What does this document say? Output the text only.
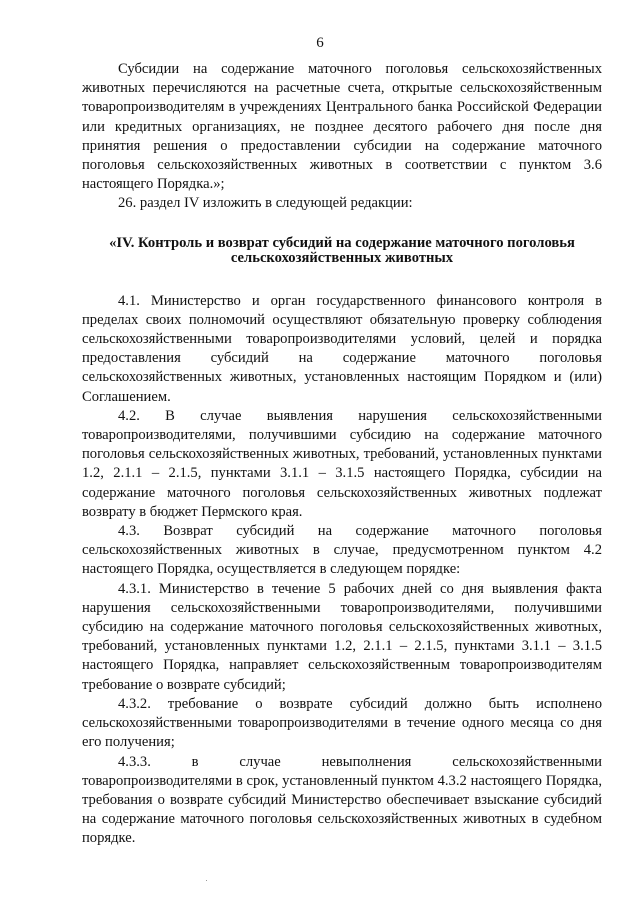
6

Субсидии на содержание маточного поголовья сельскохозяйственных животных перечисляются на расчетные счета, открытые сельскохозяйственным товаропроизводителям в учреждениях Центрального банка Российской Федерации или кредитных организациях, не позднее десятого рабочего дня после дня принятия решения о предоставлении субсидии на содержание маточного поголовья сельскохозяйственных животных в соответствии с пунктом 3.6 настоящего Порядка.»;

26. раздел IV изложить в следующей редакции:

«IV. Контроль и возврат субсидий на содержание маточного поголовья сельскохозяйственных животных

4.1. Министерство и орган государственного финансового контроля в пределах своих полномочий осуществляют обязательную проверку соблюдения сельскохозяйственными товаропроизводителями условий, целей и порядка предоставления субсидий на содержание маточного поголовья сельскохозяйственных животных, установленных настоящим Порядком и (или) Соглашением.

4.2. В случае выявления нарушения сельскохозяйственными товаропроизводителями, получившими субсидию на содержание маточного поголовья сельскохозяйственных животных, требований, установленных пунктами 1.2, 2.1.1 – 2.1.5, пунктами 3.1.1 – 3.1.5 настоящего Порядка, субсидии на содержание маточного поголовья сельскохозяйственных животных подлежат возврату в бюджет Пермского края.

4.3. Возврат субсидий на содержание маточного поголовья сельскохозяйственных животных в случае, предусмотренном пунктом 4.2 настоящего Порядка, осуществляется в следующем порядке:

4.3.1. Министерство в течение 5 рабочих дней со дня выявления факта нарушения сельскохозяйственными товаропроизводителями, получившими субсидию на содержание маточного поголовья сельскохозяйственных животных, требований, установленных пунктами 1.2, 2.1.1 – 2.1.5, пунктами 3.1.1 – 3.1.5 настоящего Порядка, направляет сельскохозяйственным товаропроизводителям требование о возврате субсидий;

4.3.2. требование о возврате субсидий должно быть исполнено сельскохозяйственными товаропроизводителями в течение одного месяца со дня его получения;

4.3.3. в случае невыполнения сельскохозяйственными товаропроизводителями в срок, установленный пунктом 4.3.2 настоящего Порядка, требования о возврате субсидий Министерство обеспечивает взыскание субсидий на содержание маточного поголовья сельскохозяйственных животных в судебном порядке.
